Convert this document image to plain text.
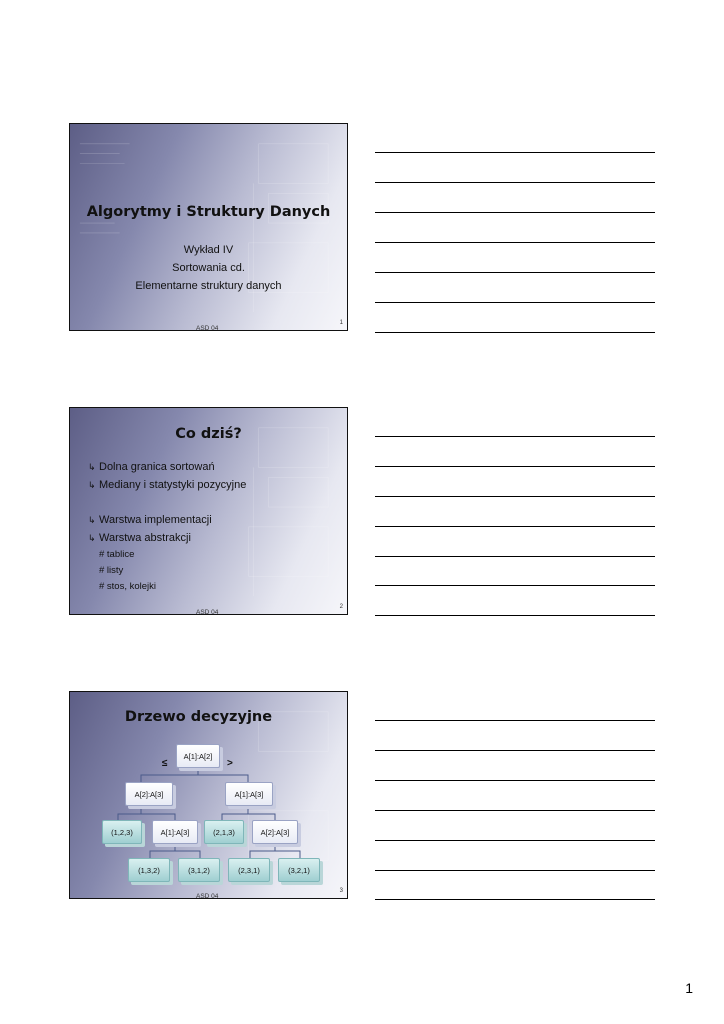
Algorytmy i Struktury Danych
Wykład IV
Sortowania cd.
Elementarne struktury danych
ASD 04
1
Co dziś?
↳ Dolna granica sortowań
↳ Mediany i statystyki pozycyjne
↳ Warstwa implementacji
↳ Warstwa abstrakcji
# tablice
# listy
# stos, kolejki
ASD 04
2
Drzewo decyzyjne
A[1]:A[2]
≤	>
A[2]:A[3]	A[1]:A[3]
(1,2,3)	A[1]:A[3]	(2,1,3)	A[2]:A[3]
(1,3,2)	(3,1,2)	(2,3,1)	(3,2,1)
ASD 04
3
1
